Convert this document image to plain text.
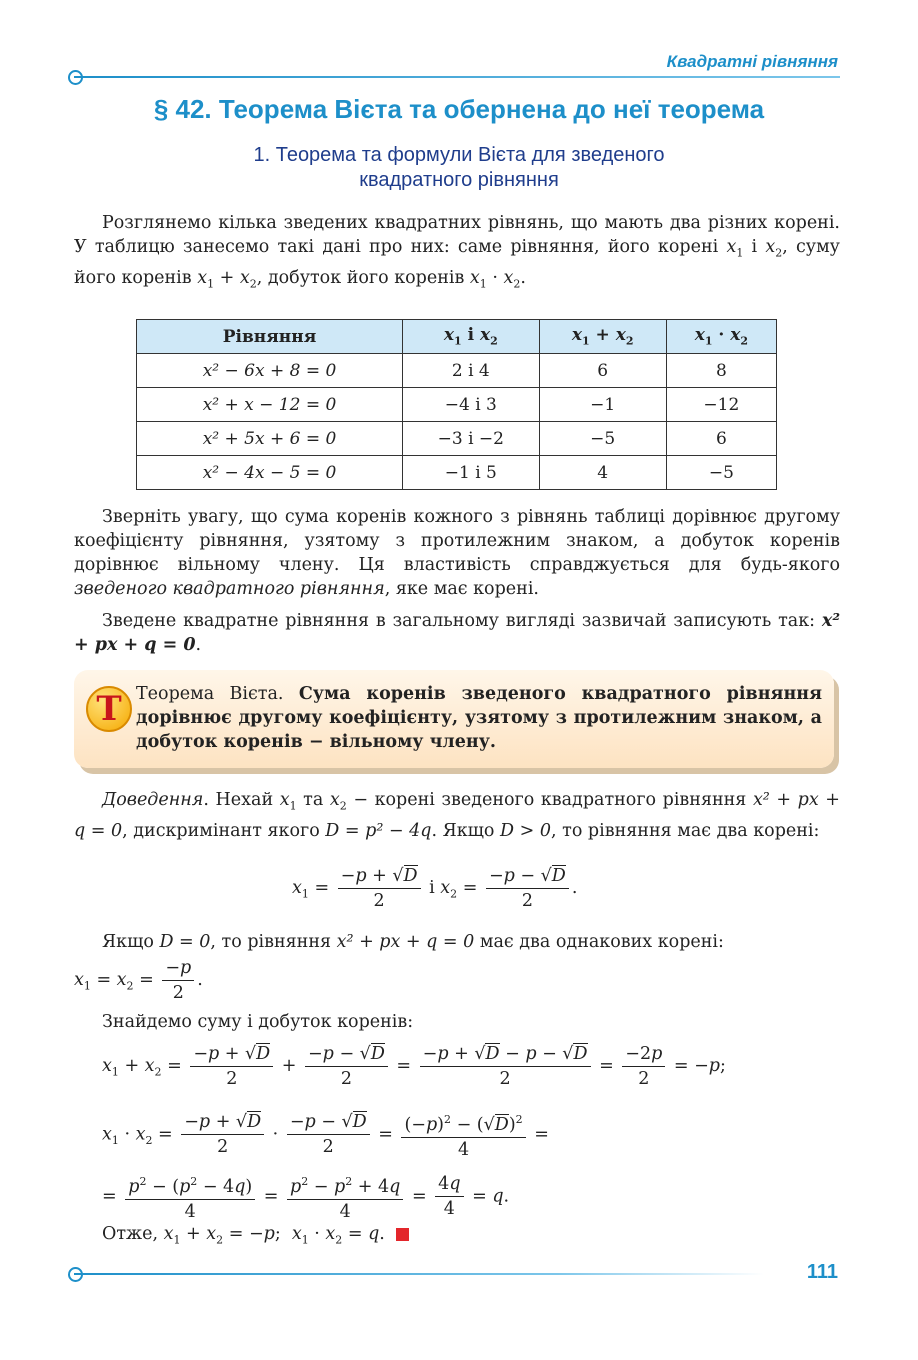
Квадратні рівняння
§ 42. Теорема Вієта та обернена до неї теорема
1. Теорема та формули Вієта для зведеного
квадратного рівняння
Розглянемо кілька зведених квадратних рівнянь, що мають два різних корені. У таблицю занесемо такі дані про них: саме рівняння, його корені $x_1$ і $x_2$, суму його коренів $x_1 + x_2$, добуток його коренів $x_1 \cdot x_2$.
Рівняння	$x_1$ і $x_2$	$x_1 + x_2$	$x_1 \cdot x_2$
x² − 6x + 8 = 0	2 і 4	6	8
x² + x − 12 = 0	−4 і 3	−1	−12
x² + 5x + 6 = 0	−3 і −2	−5	6
x² − 4x − 5 = 0	−1 і 5	4	−5
Зверніть увагу, що сума коренів кожного з рівнянь таблиці дорівнює другому коефіцієнту рівняння, узятому з протилежним знаком, а добуток коренів дорівнює вільному члену. Ця властивість справджується для будь-якого зведеного квадратного рівняння, яке має корені.
Зведене квадратне рівняння в загальному вигляді зазвичай записують так: x² + px + q = 0.
Т Теорема Вієта. Сума коренів зведеного квадратного рівняння дорівнює другому коефіцієнту, узятому з протилежним знаком, а добуток коренів − вільному члену.
Доведення. Нехай $x_1$ та $x_2$ − корені зведеного квадратного рівняння x² + px + q = 0, дискримінант якого D = p² − 4q. Якщо D > 0, то рівняння має два корені:
$x_1 = \frac{-p + √D}{2}$ і $x_2 = \frac{-p - √D}{2}$ .
Якщо D = 0, то рівняння x² + px + q = 0 має два однакових корені:
$x_1 = x_2 = \frac{-p}{2}$ .
Знайдемо суму і добуток коренів:
$x_1 + x_2 = \frac{-p + √D}{2} + \frac{-p - √D}{2} = \frac{-p + √D - p - √D}{2} = \frac{-2p}{2} = -p$;
$x_1 \cdot x_2 = \frac{-p + √D}{2} \cdot \frac{-p - √D}{2} = \frac{(-p)^2 - (√D)^2}{4}$ =
= $\frac{p^2 - (p^2 - 4q)}{4} = \frac{p^2 - p^2 + 4q}{4} = \frac{4q}{4} = q$.
Отже, $x_1 + x_2 = -p$;  $x_1 \cdot x_2 = q$.
111
